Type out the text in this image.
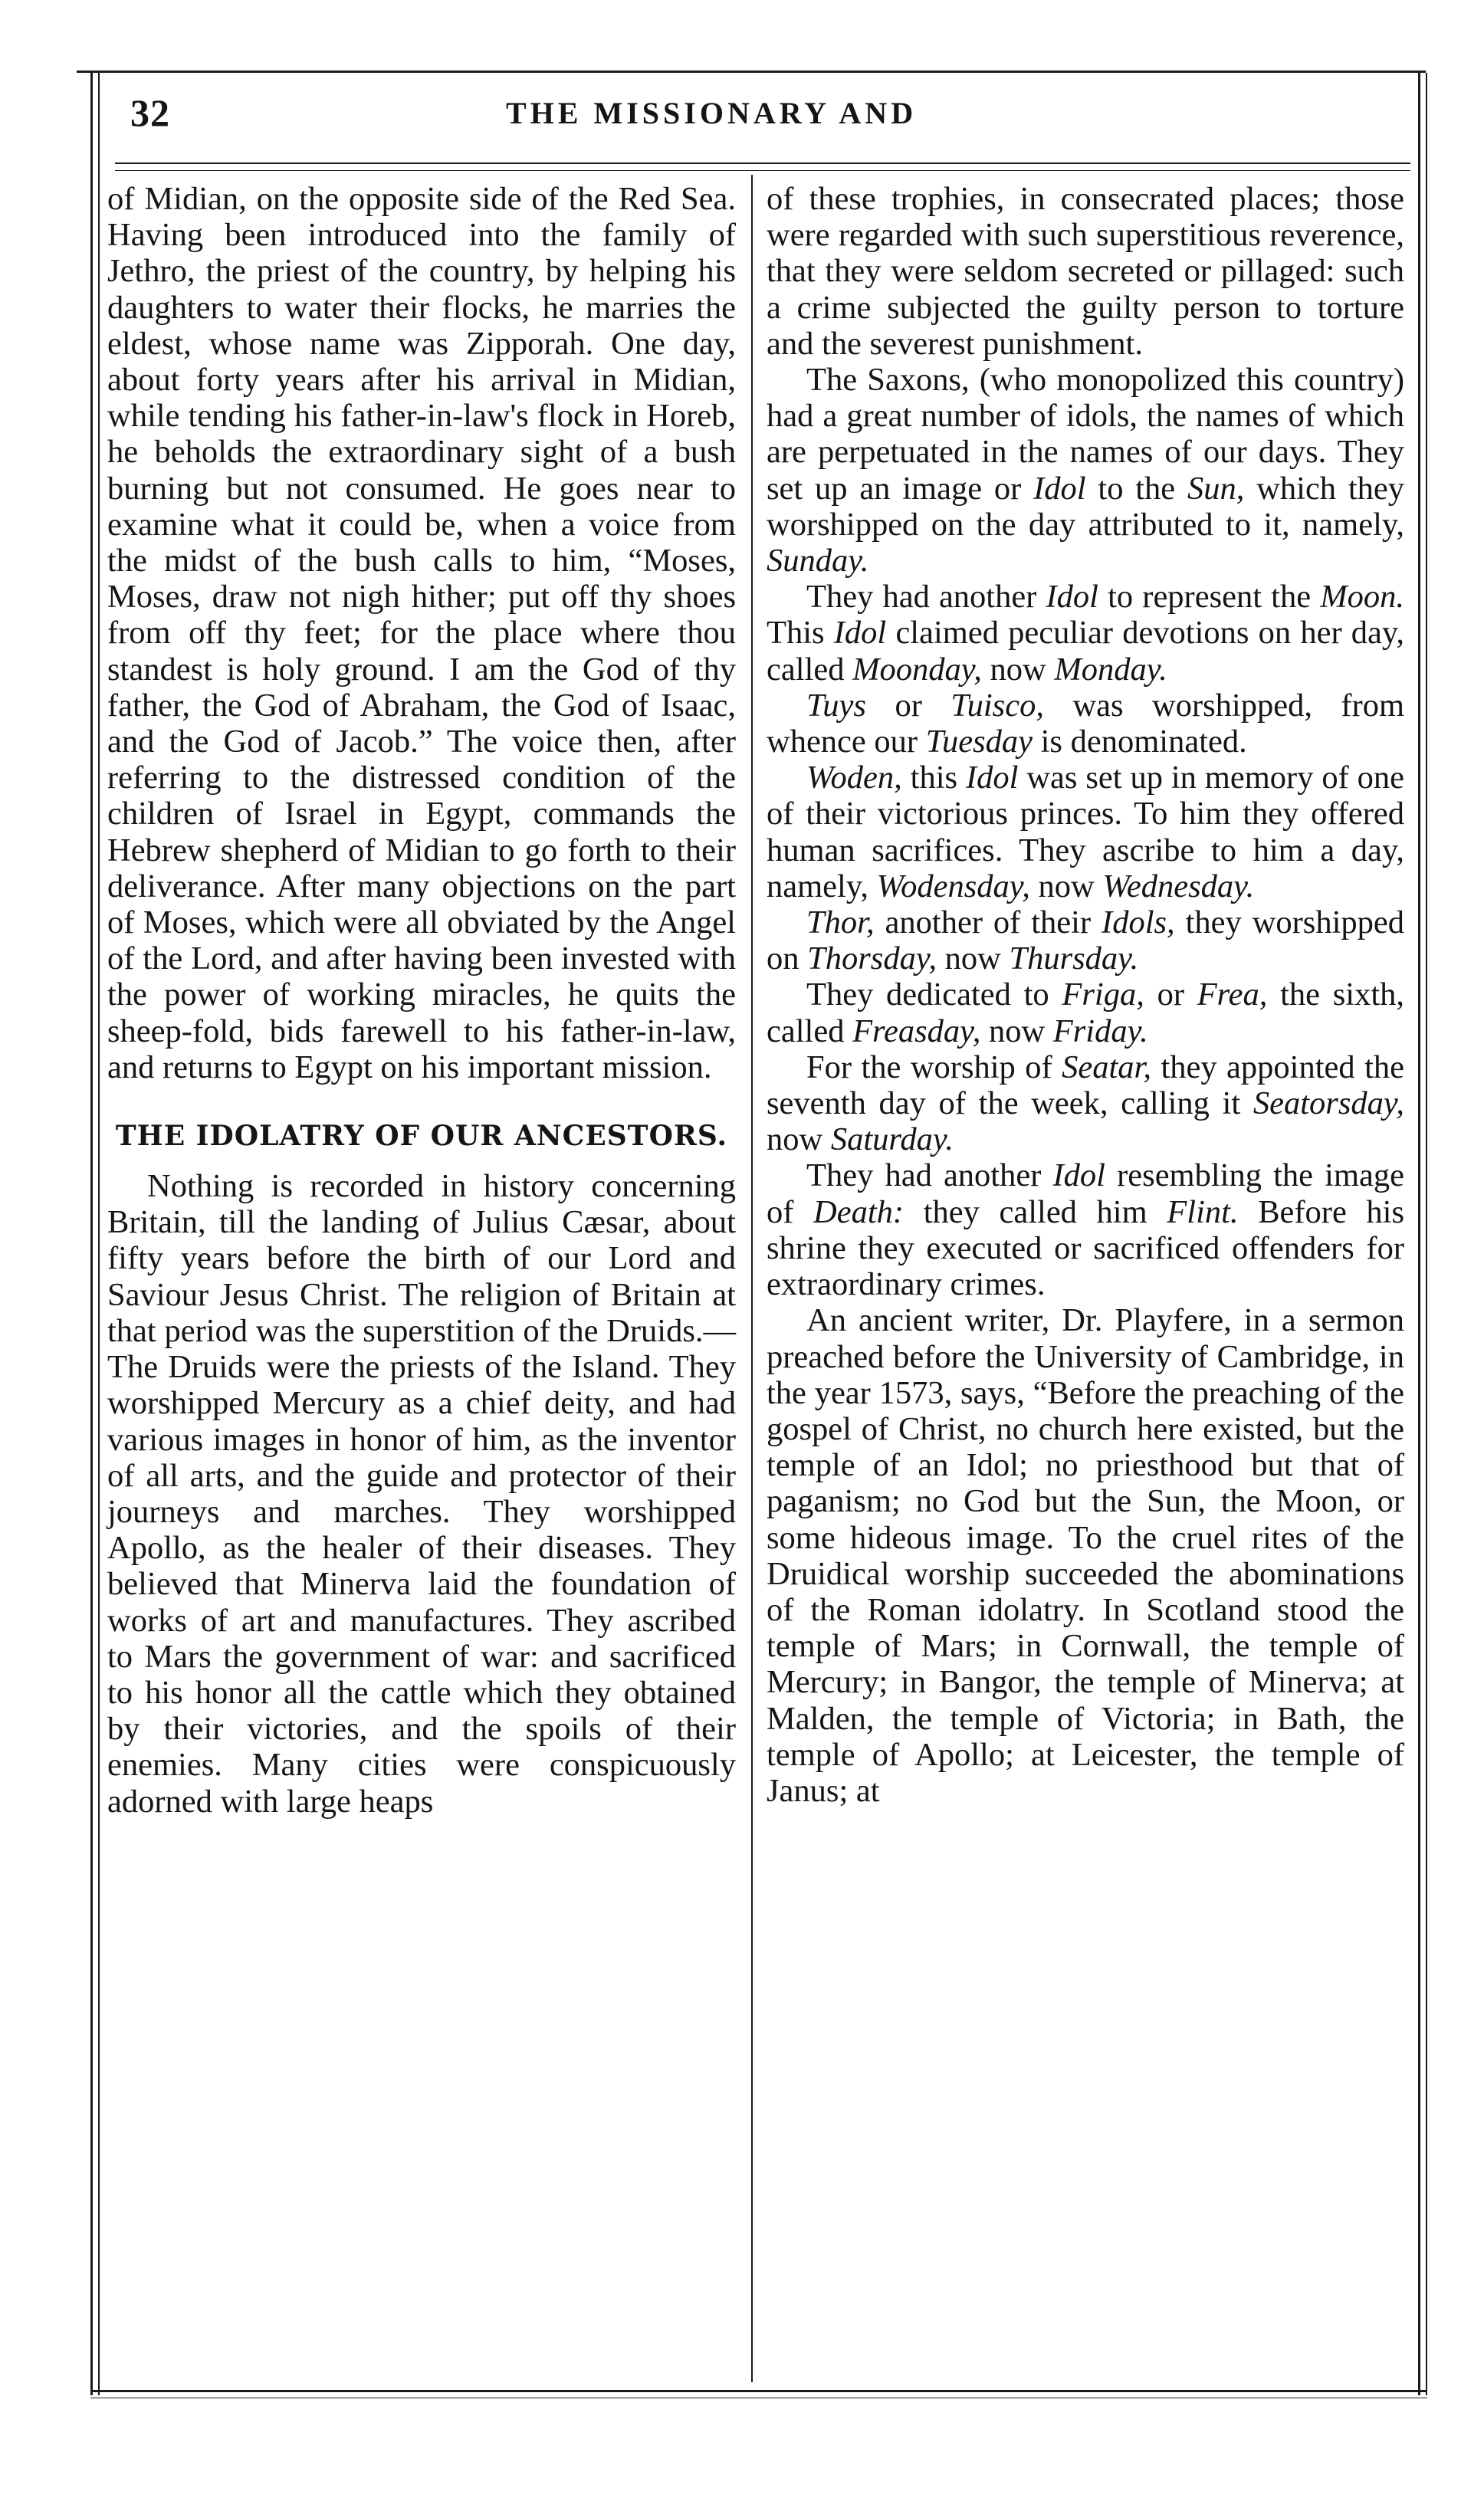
32	THE MISSIONARY AND

of Midian, on the opposite side of the Red Sea. Having been introduced into the family of Jethro, the priest of the country, by helping his daughters to water their flocks, he marries the eldest, whose name was Zipporah. One day, about forty years after his arrival in Midian, while tending his father-in-law's flock in Horeb, he beholds the extraordinary sight of a bush burning but not consumed. He goes near to examine what it could be, when a voice from the midst of the bush calls to him, “Moses, Moses, draw not nigh hither; put off thy shoes from off thy feet; for the place where thou standest is holy ground. I am the God of thy father, the God of Abraham, the God of Isaac, and the God of Jacob.” The voice then, after referring to the distressed condition of the children of Israel in Egypt, commands the Hebrew shepherd of Midian to go forth to their deliverance. After many objections on the part of Moses, which were all obviated by the Angel of the Lord, and after having been invested with the power of working miracles, he quits the sheep-fold, bids farewell to his father-in-law, and returns to Egypt on his important mission.

THE IDOLATRY OF OUR ANCESTORS.

Nothing is recorded in history concerning Britain, till the landing of Julius Cæsar, about fifty years before the birth of our Lord and Saviour Jesus Christ. The religion of Britain at that period was the superstition of the Druids.—The Druids were the priests of the Island. They worshipped Mercury as a chief deity, and had various images in honor of him, as the inventor of all arts, and the guide and protector of their journeys and marches. They worshipped Apollo, as the healer of their diseases. They believed that Minerva laid the foundation of works of art and manufactures. They ascribed to Mars the government of war: and sacrificed to his honor all the cattle which they obtained by their victories, and the spoils of their enemies. Many cities were conspicuously adorned with large heaps

of these trophies, in consecrated places; those were regarded with such superstitious reverence, that they were seldom secreted or pillaged: such a crime subjected the guilty person to torture and the severest punishment.

The Saxons, (who monopolized this country) had a great number of idols, the names of which are perpetuated in the names of our days. They set up an image or Idol to the Sun, which they worshipped on the day attributed to it, namely, Sunday.

They had another Idol to represent the Moon. This Idol claimed peculiar devotions on her day, called Moonday, now Monday.

Tuys or Tuisco, was worshipped, from whence our Tuesday is denominated.

Woden, this Idol was set up in memory of one of their victorious princes. To him they offered human sacrifices. They ascribe to him a day, namely, Wodensday, now Wednesday.

Thor, another of their Idols, they worshipped on Thorsday, now Thursday.

They dedicated to Friga, or Frea, the sixth, called Freasday, now Friday.

For the worship of Seatar, they appointed the seventh day of the week, calling it Seatorsday, now Saturday.

They had another Idol resembling the image of Death: they called him Flint. Before his shrine they executed or sacrificed offenders for extraordinary crimes.

An ancient writer, Dr. Playfere, in a sermon preached before the University of Cambridge, in the year 1573, says, “Before the preaching of the gospel of Christ, no church here existed, but the temple of an Idol; no priesthood but that of paganism; no God but the Sun, the Moon, or some hideous image. To the cruel rites of the Druidical worship succeeded the abominations of the Roman idolatry. In Scotland stood the temple of Mars; in Cornwall, the temple of Mercury; in Bangor, the temple of Minerva; at Malden, the temple of Victoria; in Bath, the temple of Apollo; at Leicester, the temple of Janus; at
